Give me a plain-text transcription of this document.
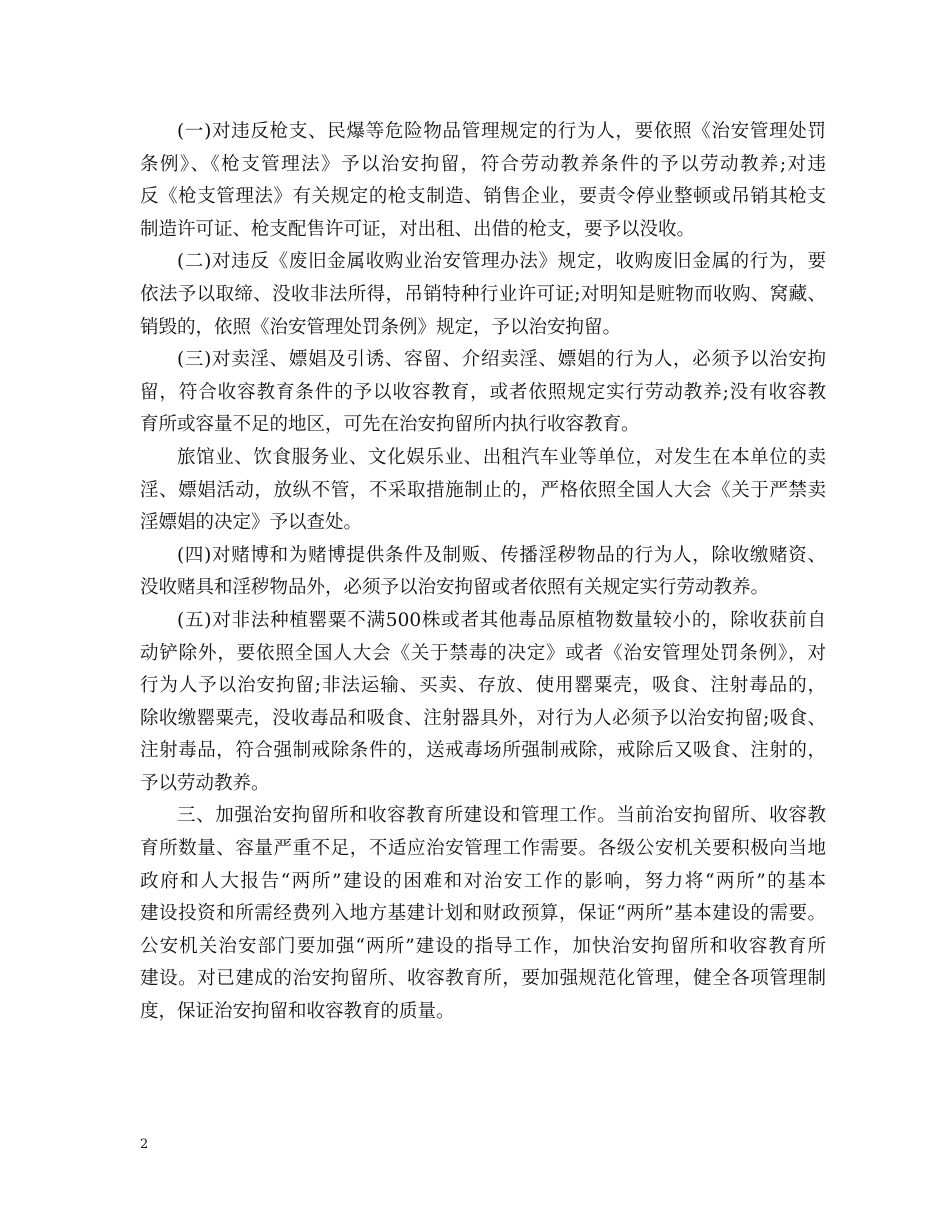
(一)对违反枪支、民爆等危险物品管理规定的行为人，要依照《治安管理处罚
条例》、《枪支管理法》予以治安拘留，符合劳动教养条件的予以劳动教养;对违
反《枪支管理法》有关规定的枪支制造、销售企业，要责令停业整顿或吊销其枪支
制造许可证、枪支配售许可证，对出租、出借的枪支，要予以没收。
(二)对违反《废旧金属收购业治安管理办法》规定，收购废旧金属的行为，要
依法予以取缔、没收非法所得，吊销特种行业许可证;对明知是赃物而收购、窝藏、
销毁的，依照《治安管理处罚条例》规定，予以治安拘留。
(三)对卖淫、嫖娼及引诱、容留、介绍卖淫、嫖娼的行为人，必须予以治安拘
留，符合收容教育条件的予以收容教育，或者依照规定实行劳动教养;没有收容教
育所或容量不足的地区，可先在治安拘留所内执行收容教育。
旅馆业、饮食服务业、文化娱乐业、出租汽车业等单位，对发生在本单位的卖
淫、嫖娼活动，放纵不管，不采取措施制止的，严格依照全国人大会《关于严禁卖
淫嫖娼的决定》予以查处。
(四)对赌博和为赌博提供条件及制贩、传播淫秽物品的行为人，除收缴赌资、
没收赌具和淫秽物品外，必须予以治安拘留或者依照有关规定实行劳动教养。
(五)对非法种植罂粟不满500株或者其他毒品原植物数量较小的，除收获前自
动铲除外，要依照全国人大会《关于禁毒的决定》或者《治安管理处罚条例》，对
行为人予以治安拘留;非法运输、买卖、存放、使用罂粟壳，吸食、注射毒品的，
除收缴罂粟壳，没收毒品和吸食、注射器具外，对行为人必须予以治安拘留;吸食、
注射毒品，符合强制戒除条件的，送戒毒场所强制戒除，戒除后又吸食、注射的，
予以劳动教养。
三、加强治安拘留所和收容教育所建设和管理工作。当前治安拘留所、收容教
育所数量、容量严重不足，不适应治安管理工作需要。各级公安机关要积极向当地
政府和人大报告“两所”建设的困难和对治安工作的影响，努力将“两所”的基本
建设投资和所需经费列入地方基建计划和财政预算，保证“两所”基本建设的需要。
公安机关治安部门要加强“两所”建设的指导工作，加快治安拘留所和收容教育所
建设。对已建成的治安拘留所、收容教育所，要加强规范化管理，健全各项管理制
度，保证治安拘留和收容教育的质量。
2
